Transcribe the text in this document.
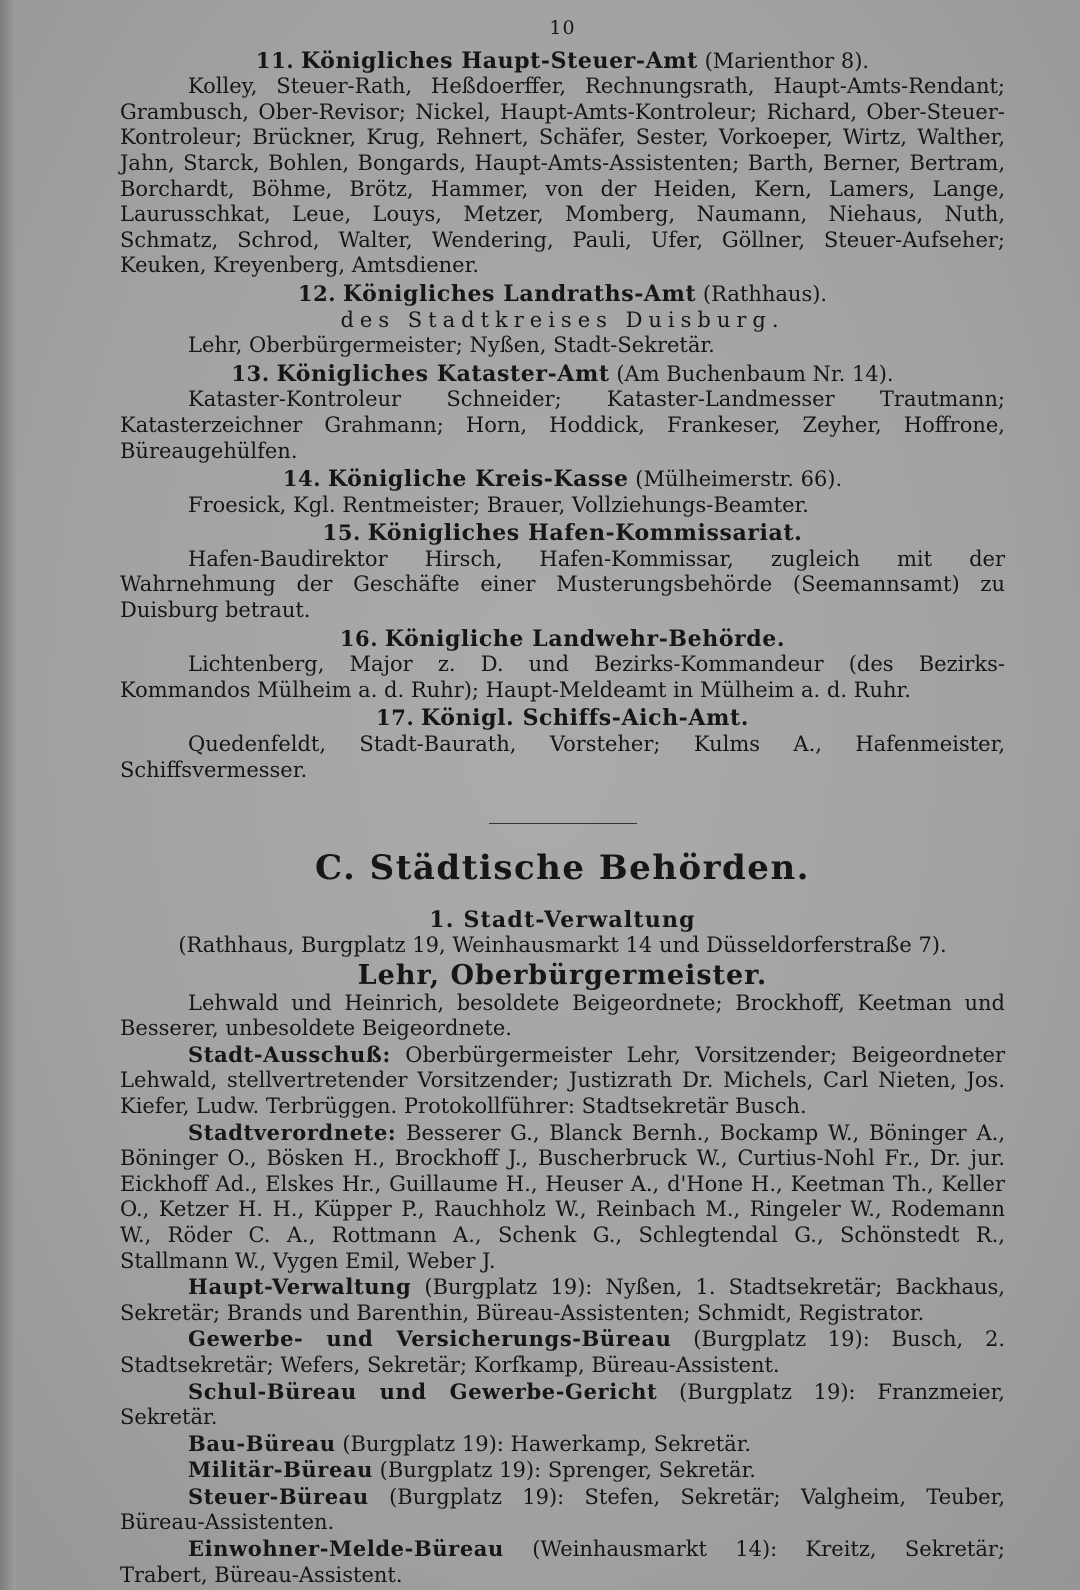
10
11. Königliches Haupt-Steuer-Amt (Marienthor 8).

Kolley, Steuer-Rath, Heßdoerffer, Rechnungsrath, Haupt-Amts-Rendant; Grambusch, Ober-Revisor; Nickel, Haupt-Amts-Kontroleur; Richard, Ober-Steuer-Kontroleur; Brückner, Krug, Rehnert, Schäfer, Sester, Vorkoeper, Wirtz, Walther, Jahn, Starck, Bohlen, Bongards, Haupt-Amts-Assistenten; Barth, Berner, Bertram, Borchardt, Böhme, Brötz, Hammer, von der Heiden, Kern, Lamers, Lange, Laurusschkat, Leue, Louys, Metzer, Momberg, Naumann, Niehaus, Nuth, Schmatz, Schrod, Walter, Wendering, Pauli, Ufer, Göllner, Steuer-Aufseher; Keuken, Kreyenberg, Amtsdiener.

12. Königliches Landraths-Amt (Rathhaus).
des Stadtkreises Duisburg.

Lehr, Oberbürgermeister; Nyßen, Stadt-Sekretär.

13. Königliches Kataster-Amt (Am Buchenbaum Nr. 14).

Kataster-Kontroleur Schneider; Kataster-Landmesser Trautmann; Katasterzeichner Grahmann; Horn, Hoddick, Frankeser, Zeyher, Hoffrone, Büreaugehülfen.

14. Königliche Kreis-Kasse (Mülheimerstr. 66).

Froesick, Kgl. Rentmeister; Brauer, Vollziehungs-Beamter.

15. Königliches Hafen-Kommissariat.

Hafen-Baudirektor Hirsch, Hafen-Kommissar, zugleich mit der Wahrnehmung der Geschäfte einer Musterungsbehörde (Seemannsamt) zu Duisburg betraut.

16. Königliche Landwehr-Behörde.

Lichtenberg, Major z. D. und Bezirks-Kommandeur (des Bezirks-Kommandos Mülheim a. d. Ruhr); Haupt-Meldeamt in Mülheim a. d. Ruhr.

17. Königl. Schiffs-Aich-Amt.

Quedenfeldt, Stadt-Baurath, Vorsteher; Kulms A., Hafenmeister, Schiffsvermesser.

C. Städtische Behörden.
1. Stadt-Verwaltung
(Rathhaus, Burgplatz 19, Weinhausmarkt 14 und Düsseldorferstraße 7).
Lehr, Oberbürgermeister.

Lehwald und Heinrich, besoldete Beigeordnete; Brockhoff, Keetman und Besserer, unbesoldete Beigeordnete.

Stadt-Ausschuß: Oberbürgermeister Lehr, Vorsitzender; Beigeordneter Lehwald, stellvertretender Vorsitzender; Justizrath Dr. Michels, Carl Nieten, Jos. Kiefer, Ludw. Terbrüggen. Protokollführer: Stadtsekretär Busch.

Stadtverordnete: Besserer G., Blanck Bernh., Bockamp W., Böninger A., Böninger O., Bösken H., Brockhoff J., Buscherbruck W., Curtius-Nohl Fr., Dr. jur. Eickhoff Ad., Elskes Hr., Guillaume H., Heuser A., d'Hone H., Keetman Th., Keller O., Ketzer H. H., Küpper P., Rauchholz W., Reinbach M., Ringeler W., Rodemann W., Röder C. A., Rottmann A., Schenk G., Schlegtendal G., Schönstedt R., Stallmann W., Vygen Emil, Weber J.

Haupt-Verwaltung (Burgplatz 19): Nyßen, 1. Stadtsekretär; Backhaus, Sekretär; Brands und Barenthin, Büreau-Assistenten; Schmidt, Registrator.

Gewerbe- und Versicherungs-Büreau (Burgplatz 19): Busch, 2. Stadtsekretär; Wefers, Sekretär; Korfkamp, Büreau-Assistent.

Schul-Büreau und Gewerbe-Gericht (Burgplatz 19): Franzmeier, Sekretär.

Bau-Büreau (Burgplatz 19): Hawerkamp, Sekretär.

Militär-Büreau (Burgplatz 19): Sprenger, Sekretär.

Steuer-Büreau (Burgplatz 19): Stefen, Sekretär; Valgheim, Teuber, Büreau-Assistenten.

Einwohner-Melde-Büreau (Weinhausmarkt 14): Kreitz, Sekretär; Trabert, Büreau-Assistent.
